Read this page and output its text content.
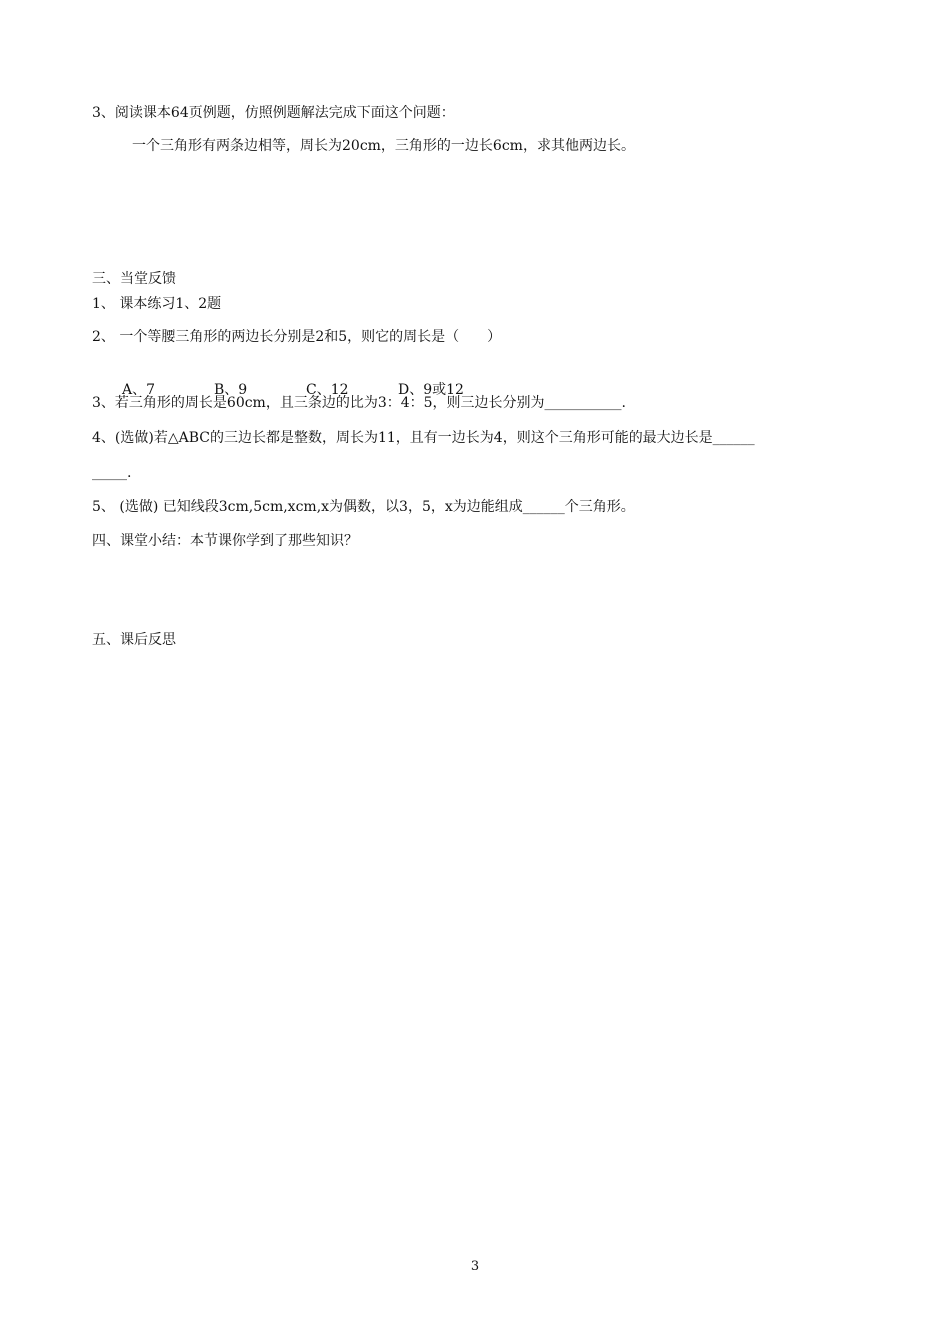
3、阅读课本64页例题，仿照例题解法完成下面这个问题：

一个三角形有两条边相等，周长为20cm，三角形的一边长6cm，求其他两边长。

三、当堂反馈

1、 课本练习1、2题

2、 一个等腰三角形的两边长分别是2和5，则它的周长是（　　）

A、7	B、9	C、12	D、9或12

3、若三角形的周长是60cm，且三条边的比为3：4：5，则三边长分别为___________.

4、(选做)若△ABC的三边长都是整数，周长为11，且有一边长为4，则这个三角形可能的最大边长是______

_____.

5、 (选做) 已知线段3cm,5cm,xcm,x为偶数，以3，5，x为边能组成______个三角形。

四、课堂小结：本节课你学到了那些知识？

五、课后反思

3
